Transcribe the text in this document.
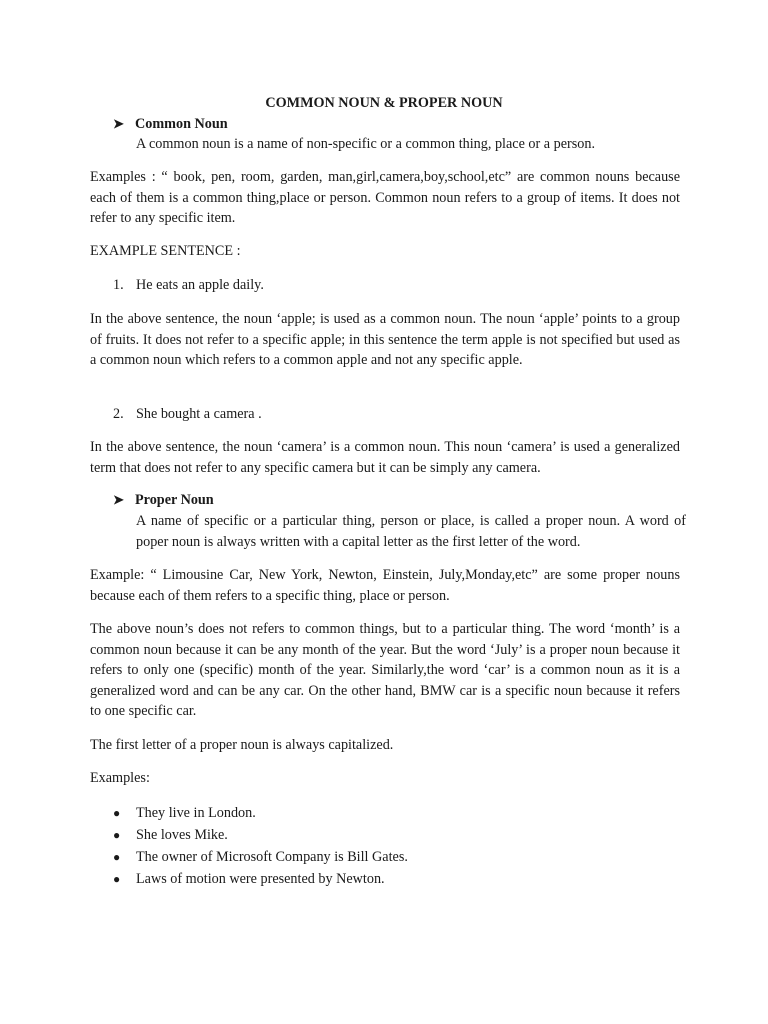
COMMON NOUN & PROPER NOUN
➤ Common Noun
A common noun is a name of non-specific or a common thing, place or a person.
Examples : “ book, pen, room, garden, man,girl,camera,boy,school,etc” are common nouns because each of them is a common thing,place or person. Common noun refers to a group of items. It does not refer to any specific item.
EXAMPLE SENTENCE :
1. He eats an apple daily.
In the above sentence, the noun ‘apple; is used as a common noun. The noun ‘apple’ points to a group of fruits. It does not refer to a specific apple; in this sentence the term apple is not specified but used as a common noun which refers to a common apple and not any specific apple.
2. She bought a camera .
In the above sentence, the noun ‘camera’ is a common noun. This noun ‘camera’ is used a generalized term that does not refer to any specific camera but it can be simply any camera.
➤ Proper Noun
A name of specific or a particular thing, person or place, is called a proper noun. A word of poper noun is always written with a capital letter as the first letter of the word.
Example: “ Limousine Car, New York, Newton, Einstein, July,Monday,etc” are some proper nouns because each of them refers to a specific thing, place or person.
The above noun’s does not refers to common things, but to a particular thing. The word ‘month’ is a common noun because it can be any month of the year. But the word ‘July’ is a proper noun because it refers to only one (specific) month of the year. Similarly,the word ‘car’ is a common noun as it is a generalized word and can be any car. On the other hand, BMW car is a specific noun because it refers to one specific car.
The first letter of a proper noun is always capitalized.
Examples:
● They live in London.
● She loves Mike.
● The owner of Microsoft Company is Bill Gates.
● Laws of motion were presented by Newton.
